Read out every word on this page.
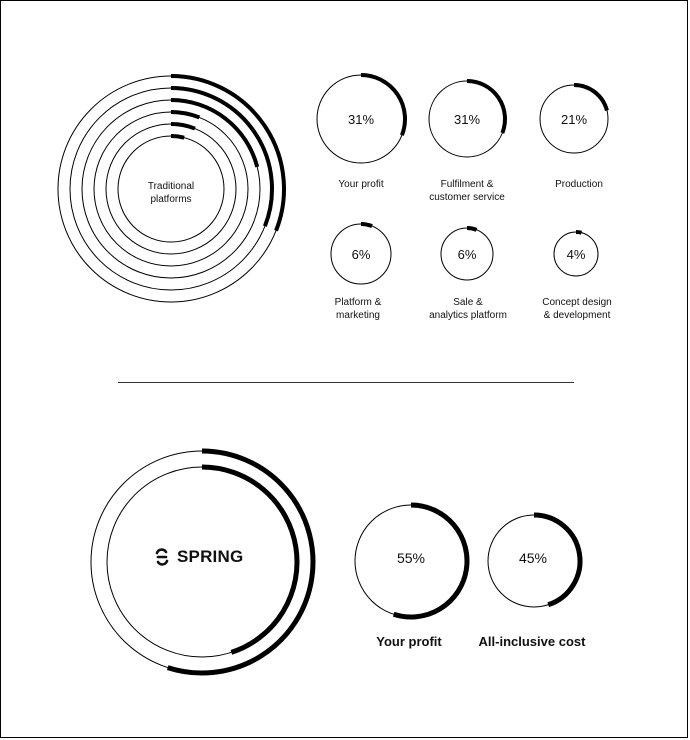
Traditional
platforms
31%	31%	21%
6%	6%	4%
Your profit	Fulfilment &
customer service
Production
Platform &
marketing
Sale &
analytics platform
Concept design
& development
SPRING	55%	45%
Your profit	All-inclusive cost
